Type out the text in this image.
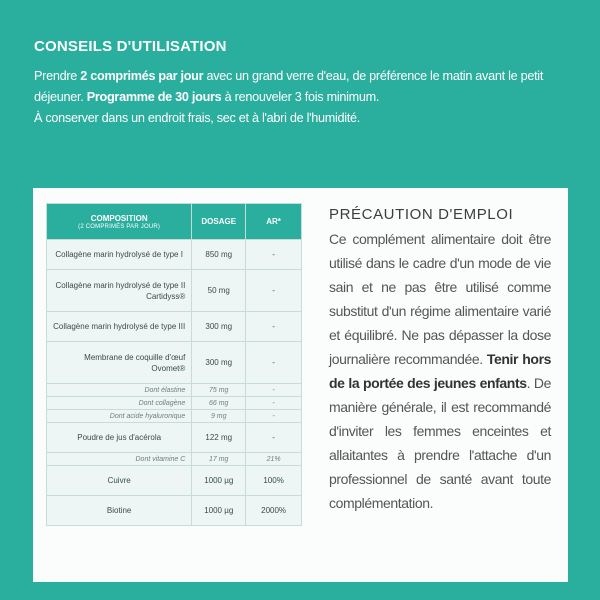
CONSEILS D'UTILISATION

Prendre 2 comprimés par jour avec un grand verre d'eau, de préférence le matin avant le petit déjeuner. Programme de 30 jours à renouveler 3 fois minimum.
À conserver dans un endroit frais, sec et à l'abri de l'humidité.

COMPOSITION
(2 COMPRIMÉS PAR JOUR)	DOSAGE	AR*
Collagène marin hydrolysé de type I	850 mg	-
Collagène marin hydrolysé de type II Cartidyss®	50 mg	-
Collagène marin hydrolysé de type III	300 mg	-
Membrane de coquille d'œuf Ovomet®	300 mg	-
Dont élastine	75 mg	-
Dont collagène	66 mg	-
Dont acide hyaluronique	9 mg	-
Poudre de jus d'acérola	122 mg	-
Dont vitamine C	17 mg	21%
Cuivre	1000 µg	100%
Biotine	1000 µg	2000%
PRÉCAUTION D'EMPLOI

Ce complément alimentaire doit être utilisé dans le cadre d'un mode de vie sain et ne pas être utilisé comme substitut d'un régime alimentaire varié et équilibré. Ne pas dépasser la dose journalière recommandée. Tenir hors de la portée des jeunes enfants. De manière générale, il est recommandé d'inviter les femmes enceintes et allaitantes à prendre l'attache d'un professionnel de santé avant toute complémentation.
